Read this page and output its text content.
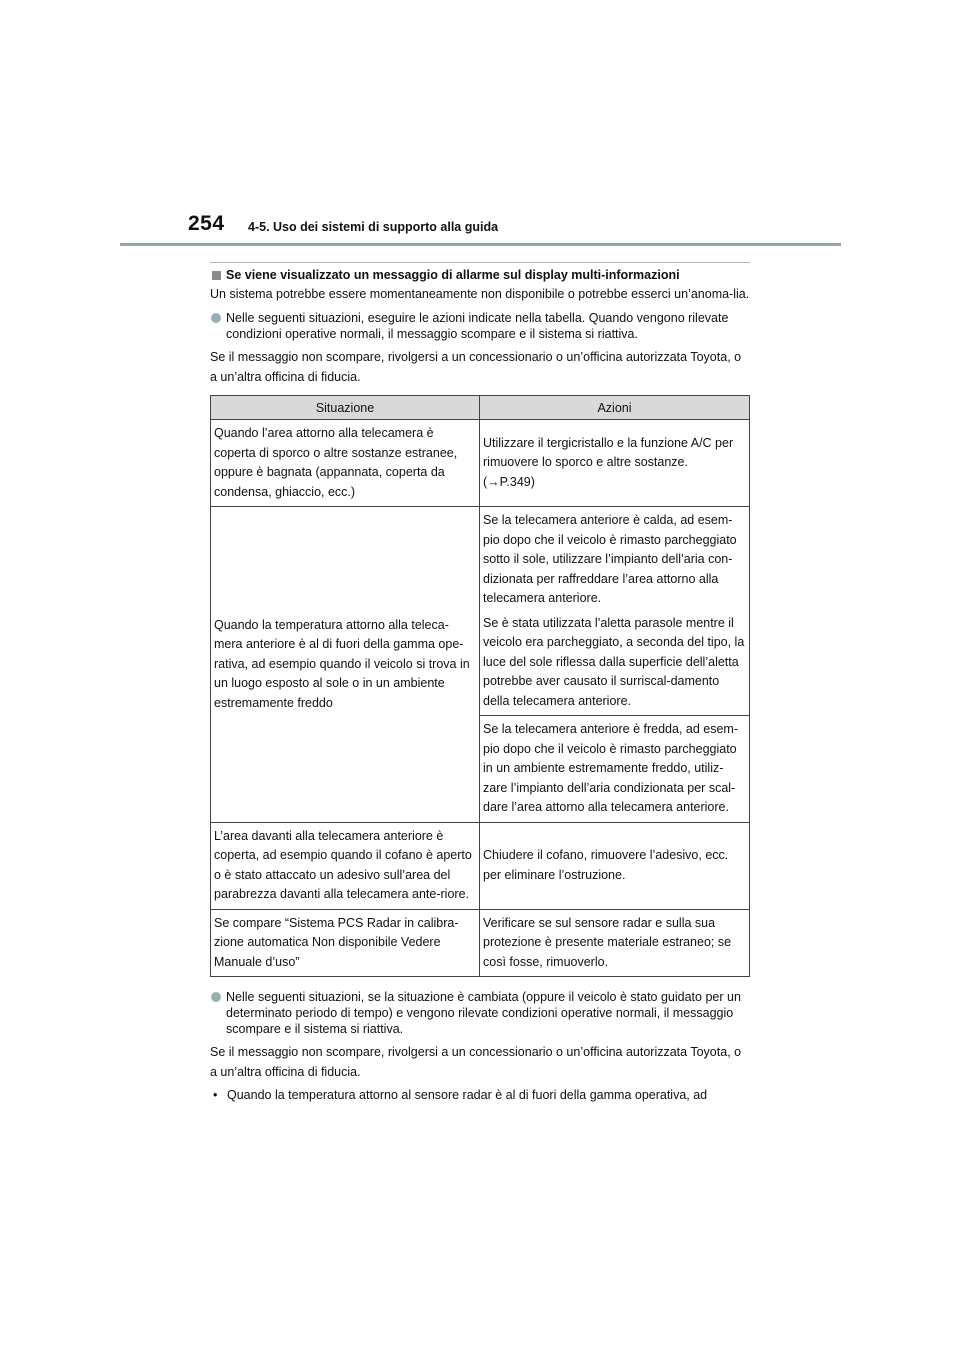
254 4-5. Uso dei sistemi di supporto alla guida
Se viene visualizzato un messaggio di allarme sul display multi-informazioni
Un sistema potrebbe essere momentaneamente non disponibile o potrebbe esserci un’anoma-lia.
Nelle seguenti situazioni, eseguire le azioni indicate nella tabella. Quando vengono rilevate condizioni operative normali, il messaggio scompare e il sistema si riattiva.
Se il messaggio non scompare, rivolgersi a un concessionario o un’officina autorizzata Toyota, o a un’altra officina di fiducia.
Situazione	Azioni
Quando l’area attorno alla telecamera è coperta di sporco o altre sostanze estranee, oppure è bagnata (appannata, coperta da condensa, ghiaccio, ecc.)	Utilizzare il tergicristallo e la funzione A/C per rimuovere lo sporco e altre sostanze.
(→P.349)

Quando la temperatura attorno alla teleca-mera anteriore è al di fuori della gamma ope-rativa, ad esempio quando il veicolo si trova in un luogo esposto al sole o in un ambiente estremamente freddo	Se la telecamera anteriore è calda, ad esem-pio dopo che il veicolo è rimasto parcheggiato sotto il sole, utilizzare l’impianto dell’aria con-dizionata per raffreddare l’area attorno alla telecamera anteriore.
Se è stata utilizzata l’aletta parasole mentre il veicolo era parcheggiato, a seconda del tipo, la luce del sole riflessa dalla superficie dell’aletta potrebbe aver causato il surriscal-damento della telecamera anteriore.

	Se la telecamera anteriore è fredda, ad esem-pio dopo che il veicolo è rimasto parcheggiato in un ambiente estremamente freddo, utiliz-zare l’impianto dell’aria condizionata per scal-dare l’area attorno alla telecamera anteriore.
L’area davanti alla telecamera anteriore è coperta, ad esempio quando il cofano è aperto o è stato attaccato un adesivo sull’area del parabrezza davanti alla telecamera ante-riore.	Chiudere il cofano, rimuovere l’adesivo, ecc. per eliminare l’ostruzione.
Se compare “Sistema PCS Radar in calibra-zione automatica Non disponibile Vedere Manuale d’uso”	Verificare se sul sensore radar e sulla sua protezione è presente materiale estraneo; se così fosse, rimuoverlo.
Nelle seguenti situazioni, se la situazione è cambiata (oppure il veicolo è stato guidato per un determinato periodo di tempo) e vengono rilevate condizioni operative normali, il messaggio scompare e il sistema si riattiva.
Se il messaggio non scompare, rivolgersi a un concessionario o un’officina autorizzata Toyota, o a un’altra officina di fiducia.
• Quando la temperatura attorno al sensore radar è al di fuori della gamma operativa, ad
